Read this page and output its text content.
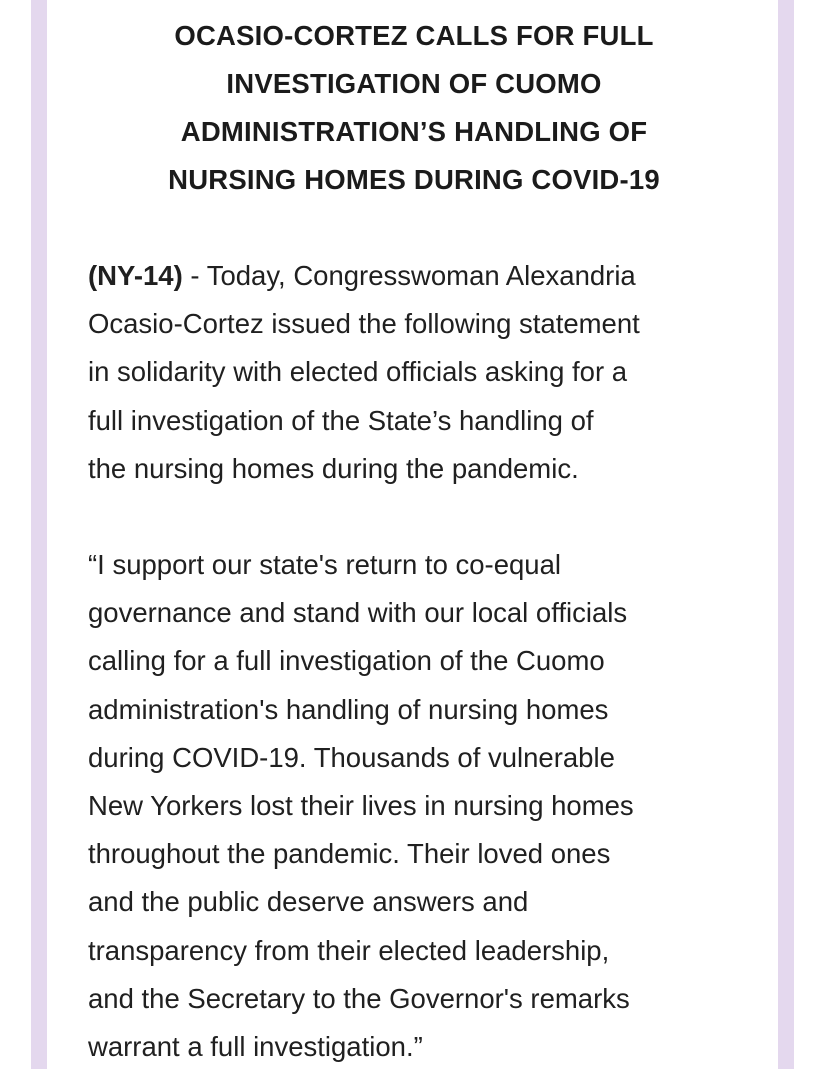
OCASIO-CORTEZ CALLS FOR FULL
INVESTIGATION OF CUOMO
ADMINISTRATION’S HANDLING OF
NURSING HOMES DURING COVID-19

(NY-14) - Today, Congresswoman Alexandria
Ocasio-Cortez issued the following statement
in solidarity with elected officials asking for a
full investigation of the State’s handling of
the nursing homes during the pandemic.

“I support our state's return to co-equal
governance and stand with our local officials
calling for a full investigation of the Cuomo
administration's handling of nursing homes
during COVID-19. Thousands of vulnerable
New Yorkers lost their lives in nursing homes
throughout the pandemic. Their loved ones
and the public deserve answers and
transparency from their elected leadership,
and the Secretary to the Governor's remarks
warrant a full investigation.”
